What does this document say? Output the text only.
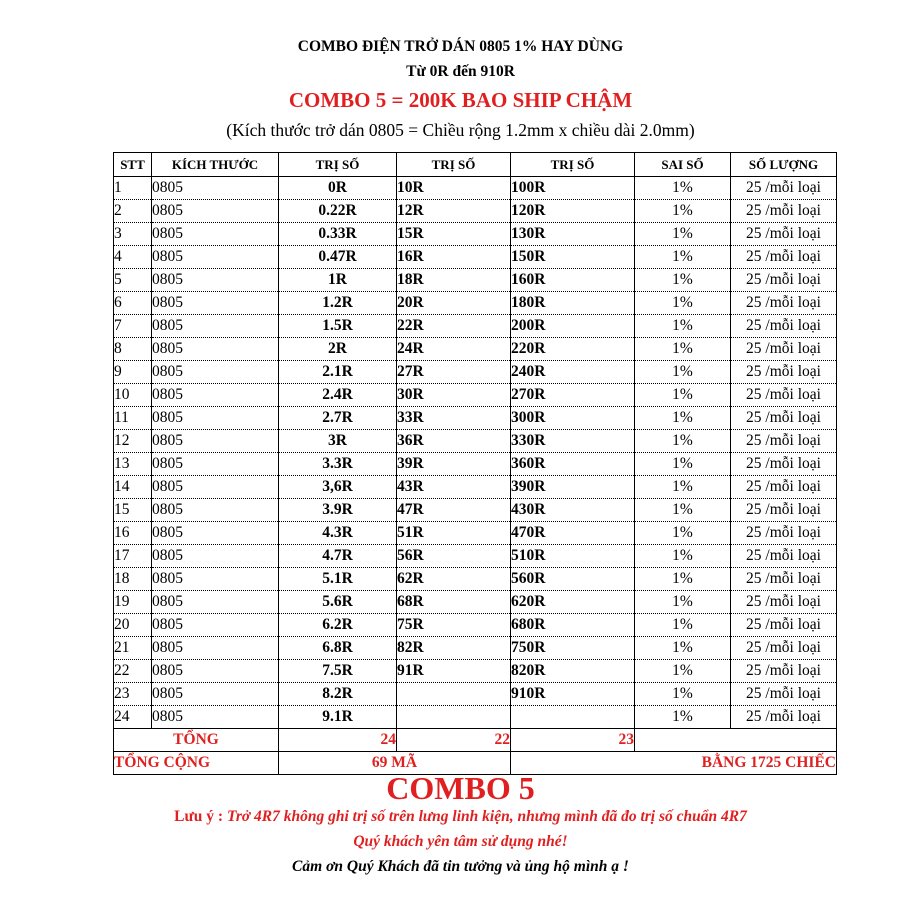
COMBO ĐIỆN TRỞ DÁN 0805 1% HAY DÙNG
Từ 0R đến 910R
COMBO 5 = 200K BAO SHIP CHẬM
(Kích thước trở dán 0805 = Chiều rộng 1.2mm x chiều dài 2.0mm)
STT	KÍCH THƯỚC	TRỊ SỐ	TRỊ SỐ	TRỊ SỐ	SAI SỐ	SỐ LƯỢNG
1	0805	0R	10R	100R	1%	25 /mỗi loại
2	0805	0.22R	12R	120R	1%	25 /mỗi loại
3	0805	0.33R	15R	130R	1%	25 /mỗi loại
4	0805	0.47R	16R	150R	1%	25 /mỗi loại
5	0805	1R	18R	160R	1%	25 /mỗi loại
6	0805	1.2R	20R	180R	1%	25 /mỗi loại
7	0805	1.5R	22R	200R	1%	25 /mỗi loại
8	0805	2R	24R	220R	1%	25 /mỗi loại
9	0805	2.1R	27R	240R	1%	25 /mỗi loại
10	0805	2.4R	30R	270R	1%	25 /mỗi loại
11	0805	2.7R	33R	300R	1%	25 /mỗi loại
12	0805	3R	36R	330R	1%	25 /mỗi loại
13	0805	3.3R	39R	360R	1%	25 /mỗi loại
14	0805	3,6R	43R	390R	1%	25 /mỗi loại
15	0805	3.9R	47R	430R	1%	25 /mỗi loại
16	0805	4.3R	51R	470R	1%	25 /mỗi loại
17	0805	4.7R	56R	510R	1%	25 /mỗi loại
18	0805	5.1R	62R	560R	1%	25 /mỗi loại
19	0805	5.6R	68R	620R	1%	25 /mỗi loại
20	0805	6.2R	75R	680R	1%	25 /mỗi loại
21	0805	6.8R	82R	750R	1%	25 /mỗi loại
22	0805	7.5R	91R	820R	1%	25 /mỗi loại
23	0805	8.2R		910R	1%	25 /mỗi loại
24	0805	9.1R			1%	25 /mỗi loại
TỔNG		24	22	23		
TỔNG CỘNG		69 MÃ		BẰNG 1725 CHIẾC		
COMBO 5
Lưu ý : Trở 4R7 không ghi trị số trên lưng linh kiện, nhưng mình đã đo trị số chuẩn 4R7
Quý khách yên tâm sử dụng nhé!
Cảm ơn Quý Khách đã tin tưởng và ủng hộ mình ạ !
